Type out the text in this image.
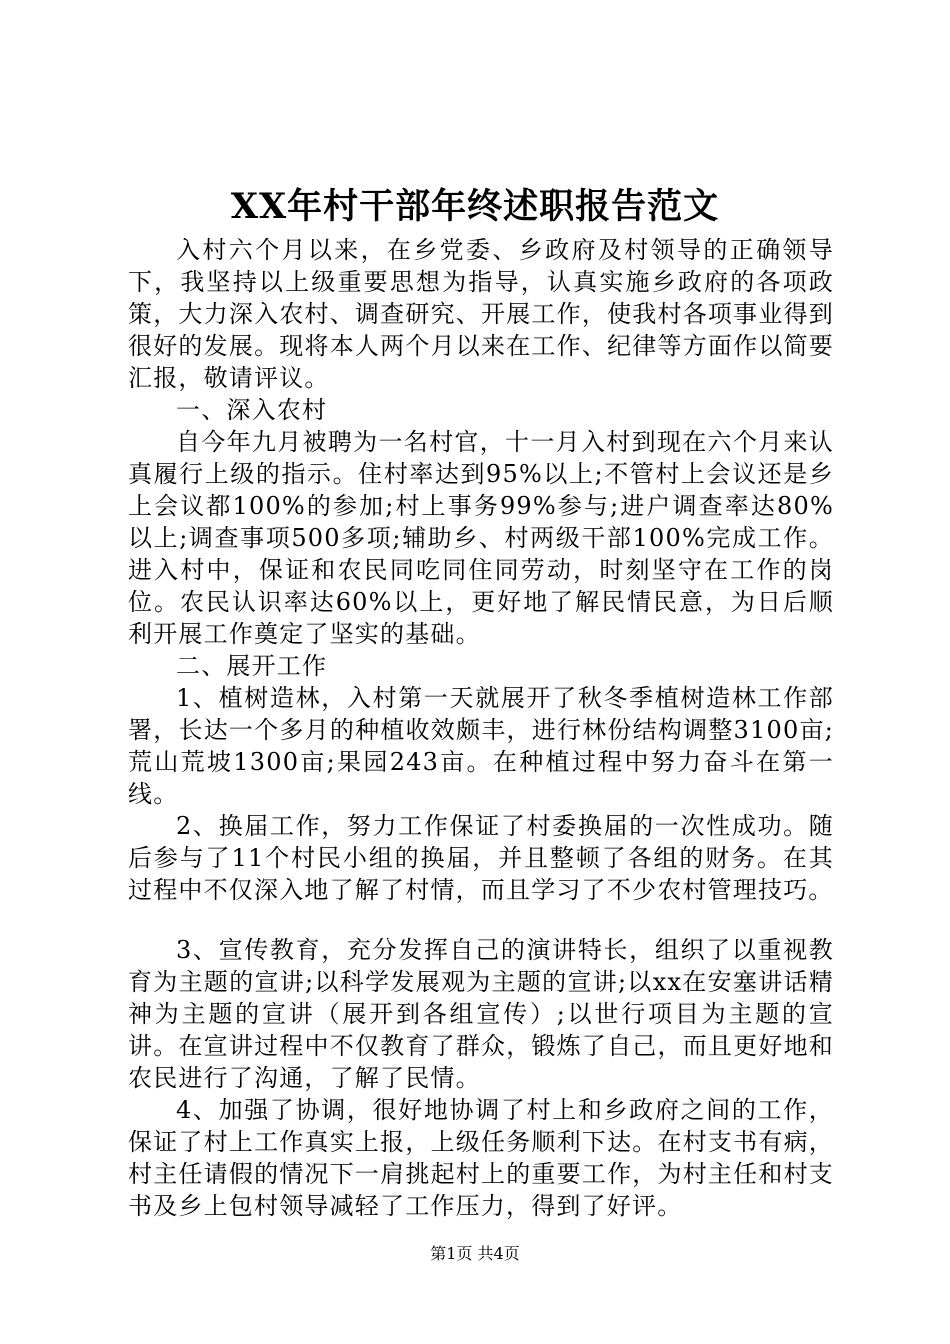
XX年村干部年终述职报告范文

入村六个月以来，在乡党委、乡政府及村领导的正确领导下，我坚持以上级重要思想为指导，认真实施乡政府的各项政策，大力深入农村、调查研究、开展工作，使我村各项事业得到很好的发展。现将本人两个月以来在工作、纪律等方面作以简要汇报，敬请评议。

一、深入农村

自今年九月被聘为一名村官，十一月入村到现在六个月来认真履行上级的指示。住村率达到95%以上;不管村上会议还是乡上会议都100%的参加;村上事务99%参与;进户调查率达80%以上;调查事项500多项;辅助乡、村两级干部100%完成工作。进入村中，保证和农民同吃同住同劳动，时刻坚守在工作的岗位。农民认识率达60%以上，更好地了解民情民意，为日后顺利开展工作奠定了坚实的基础。

二、展开工作

1、植树造林，入村第一天就展开了秋冬季植树造林工作部署，长达一个多月的种植收效颇丰，进行林份结构调整3100亩;荒山荒坡1300亩;果园243亩。在种植过程中努力奋斗在第一线。

2、换届工作，努力工作保证了村委换届的一次性成功。随后参与了11个村民小组的换届，并且整顿了各组的财务。在其过程中不仅深入地了解了村情，而且学习了不少农村管理技巧。

3、宣传教育，充分发挥自己的演讲特长，组织了以重视教育为主题的宣讲;以科学发展观为主题的宣讲;以xx在安塞讲话精神为主题的宣讲（展开到各组宣传）;以世行项目为主题的宣讲。在宣讲过程中不仅教育了群众，锻炼了自己，而且更好地和农民进行了沟通，了解了民情。

4、加强了协调，很好地协调了村上和乡政府之间的工作，保证了村上工作真实上报，上级任务顺利下达。在村支书有病，村主任请假的情况下一肩挑起村上的重要工作，为村主任和村支书及乡上包村领导减轻了工作压力，得到了好评。

第1页 共4页
